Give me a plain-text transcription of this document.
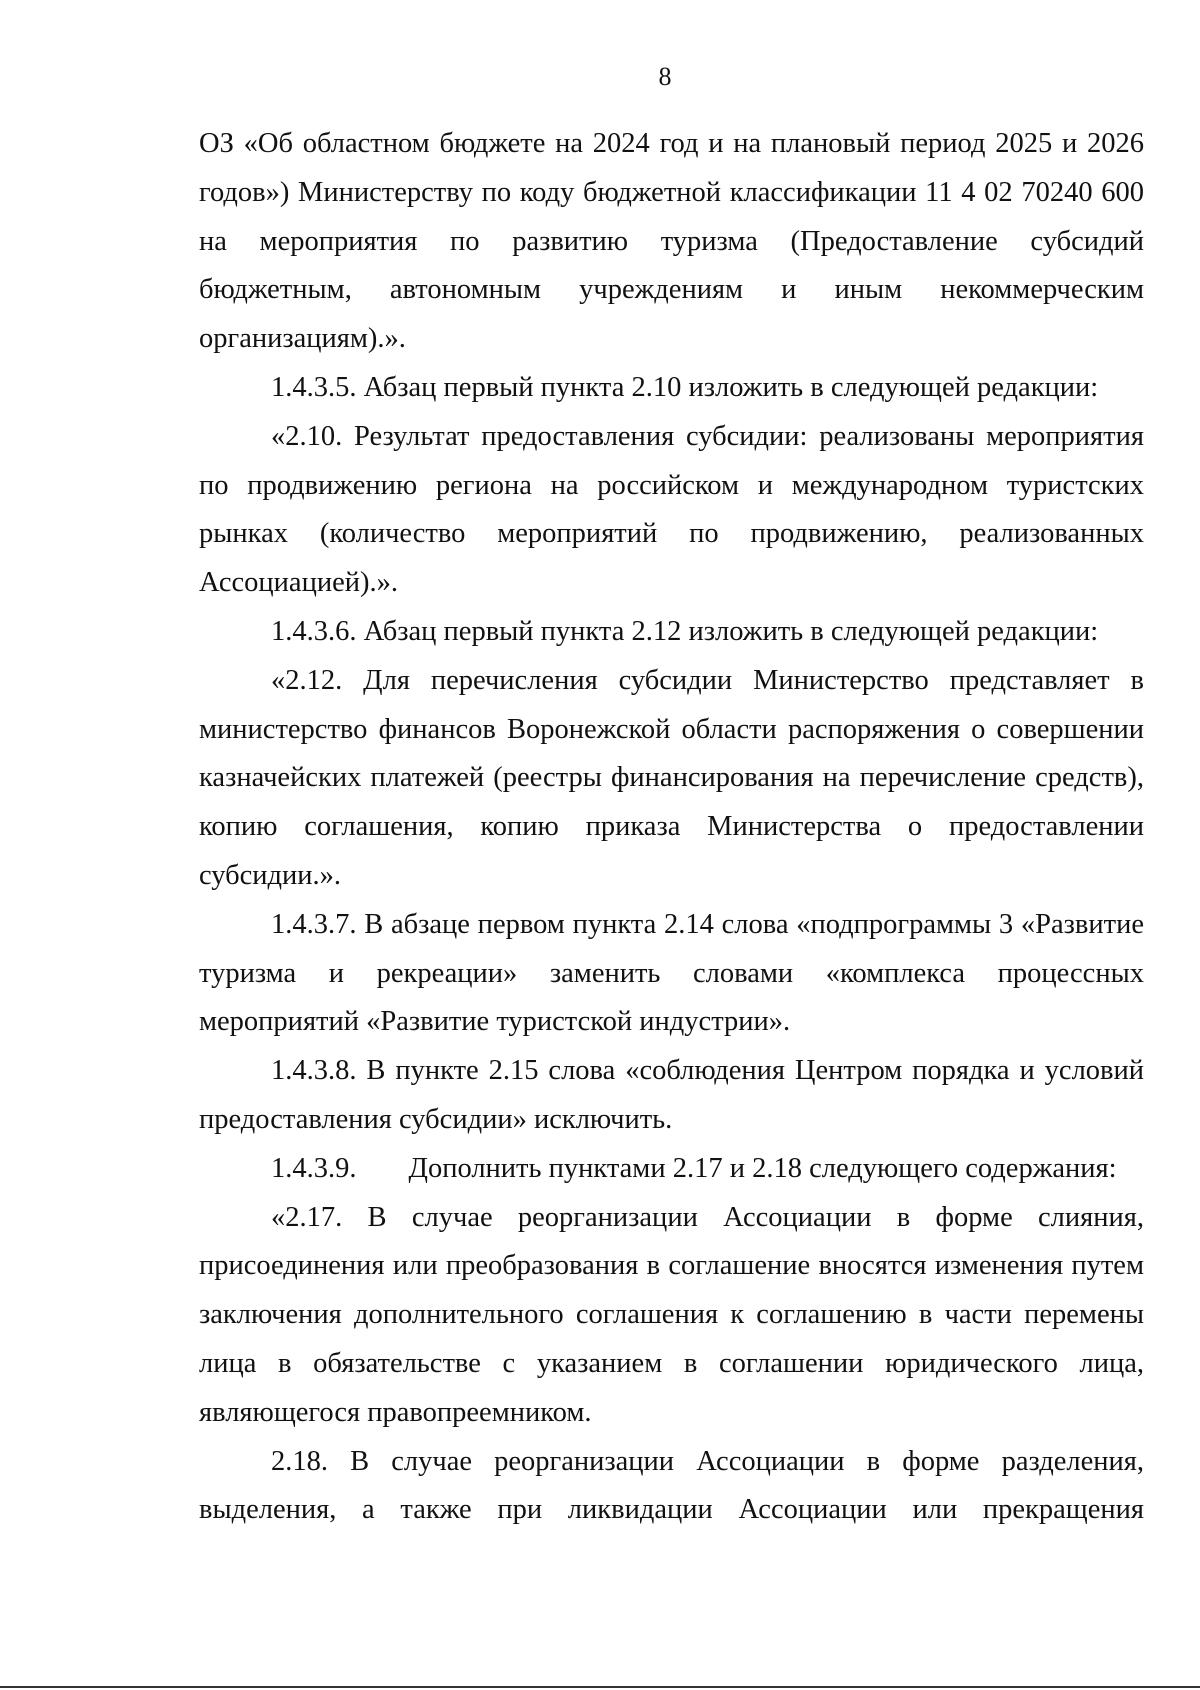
8

ОЗ «Об областном бюджете на 2024 год и на плановый период 2025 и 2026 годов») Министерству по коду бюджетной классификации 11 4 02 70240 600 на мероприятия по развитию туризма (Предоставление субсидий бюджетным, автономным учреждениям и иным некоммерческим организациям).».

1.4.3.5. Абзац первый пункта 2.10 изложить в следующей редакции:

«2.10. Результат предоставления субсидии: реализованы мероприятия по продвижению региона на российском и международном туристских рынках (количество мероприятий по продвижению, реализованных Ассоциацией).».

1.4.3.6. Абзац первый пункта 2.12 изложить в следующей редакции:

«2.12. Для перечисления субсидии Министерство представляет в министерство финансов Воронежской области распоряжения о совершении казначейских платежей (реестры финансирования на перечисление средств), копию соглашения, копию приказа Министерства о предоставлении субсидии.».

1.4.3.7. В абзаце первом пункта 2.14 слова «подпрограммы 3 «Развитие туризма и рекреации» заменить словами «комплекса процессных мероприятий «Развитие туристской индустрии».

1.4.3.8. В пункте 2.15 слова «соблюдения Центром порядка и условий предоставления субсидии» исключить.

1.4.3.9. Дополнить пунктами 2.17 и 2.18 следующего содержания:

«2.17. В случае реорганизации Ассоциации в форме слияния, присоединения или преобразования в соглашение вносятся изменения путем заключения дополнительного соглашения к соглашению в части перемены лица в обязательстве с указанием в соглашении юридического лица, являющегося правопреемником.

2.18. В случае реорганизации Ассоциации в форме разделения, выделения, а также при ликвидации Ассоциации или прекращения
